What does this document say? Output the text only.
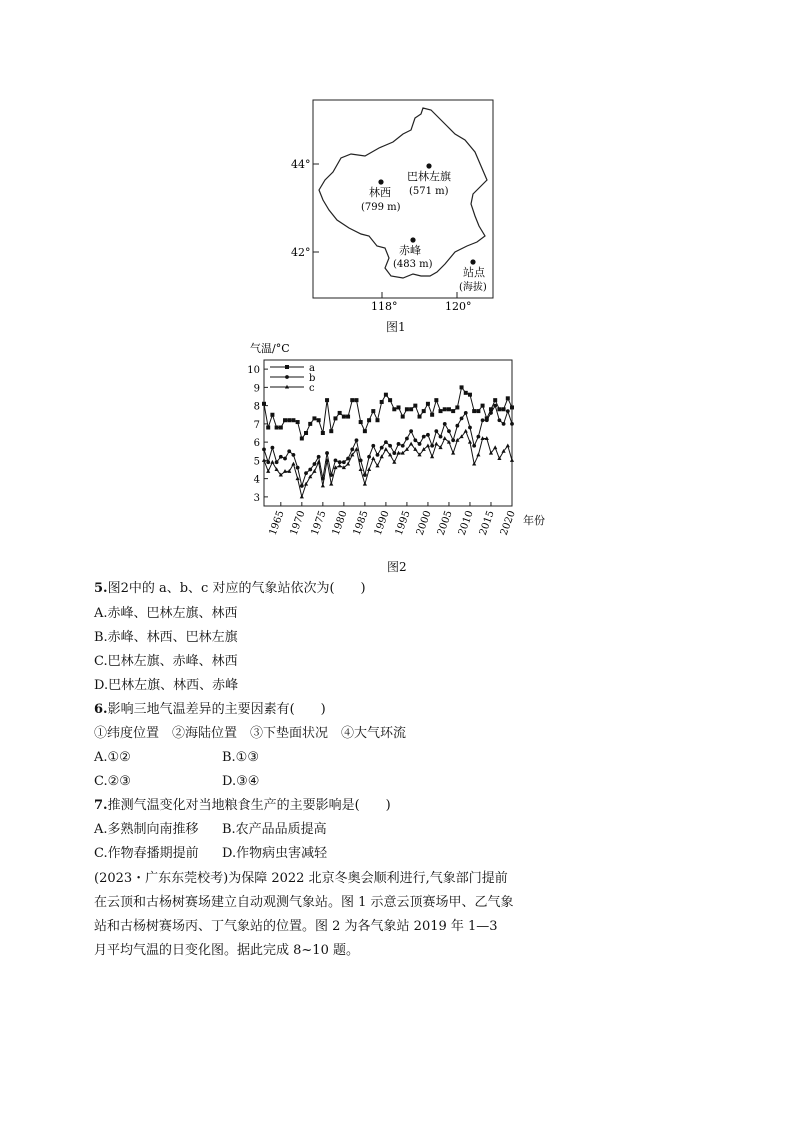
44°
42°
118°	120°
巴林左旗
(571 m)
林西
(799 m)
赤峰
(483 m)
站点
(海拔)
图1
气温/°C
年份
3
4
5
6
7
8
9
10
1965 1970 1975 1980 1985 1990 1995 2000 2005 2010 2015 2020
a
b
c
图2
5.图2中的 a、b、c 对应的气象站依次为(　　)
A.赤峰、巴林左旗、林西
B.赤峰、林西、巴林左旗
C.巴林左旗、赤峰、林西
D.巴林左旗、林西、赤峰
6.影响三地气温差异的主要因素有(　　)
①纬度位置　②海陆位置　③下垫面状况　④大气环流
A.①②	B.①③
C.②③	D.③④
7.推测气温变化对当地粮食生产的主要影响是(　　)
A.多熟制向南推移 B.农产品品质提高
C.作物春播期提前 D.作物病虫害减轻
(2023・广东东莞校考)为保障 2022 北京冬奥会顺利进行,气象部门提前在云顶和古杨树赛场建立自动观测气象站。图 1 示意云顶赛场甲、乙气象站和古杨树赛场丙、丁气象站的位置。图 2 为各气象站 2019 年 1—3 月平均气温的日变化图。据此完成 8~10 题。
